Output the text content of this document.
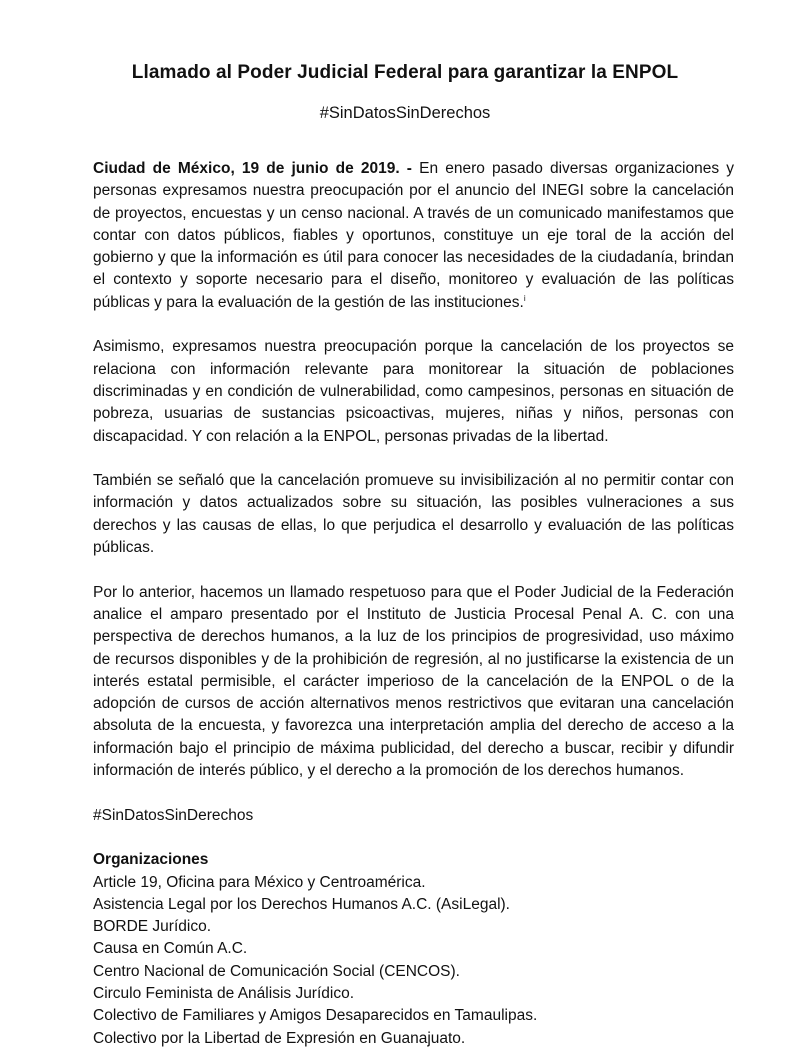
Llamado al Poder Judicial Federal para garantizar la ENPOL
#SinDatosSinDerechos

Ciudad de México, 19 de junio de 2019. - En enero pasado diversas organizaciones y personas expresamos nuestra preocupación por el anuncio del INEGI sobre la cancelación de proyectos, encuestas y un censo nacional. A través de un comunicado manifestamos que contar con datos públicos, fiables y oportunos, constituye un eje toral de la acción del gobierno y que la información es útil para conocer las necesidades de la ciudadanía, brindan el contexto y soporte necesario para el diseño, monitoreo y evaluación de las políticas públicas y para la evaluación de la gestión de las instituciones.$^i$

Asimismo, expresamos nuestra preocupación porque la cancelación de los proyectos se relaciona con información relevante para monitorear la situación de poblaciones discriminadas y en condición de vulnerabilidad, como campesinos, personas en situación de pobreza, usuarias de sustancias psicoactivas, mujeres, niñas y niños, personas con discapacidad. Y con relación a la ENPOL, personas privadas de la libertad.

También se señaló que la cancelación promueve su invisibilización al no permitir contar con información y datos actualizados sobre su situación, las posibles vulneraciones a sus derechos y las causas de ellas, lo que perjudica el desarrollo y evaluación de las políticas públicas.

Por lo anterior, hacemos un llamado respetuoso para que el Poder Judicial de la Federación analice el amparo presentado por el Instituto de Justicia Procesal Penal A. C. con una perspectiva de derechos humanos, a la luz de los principios de progresividad, uso máximo de recursos disponibles y de la prohibición de regresión, al no justificarse la existencia de un interés estatal permisible, el carácter imperioso de la cancelación de la ENPOL o de la adopción de cursos de acción alternativos menos restrictivos que evitaran una cancelación absoluta de la encuesta, y favorezca una interpretación amplia del derecho de acceso a la información bajo el principio de máxima publicidad, del derecho a buscar, recibir y difundir información de interés público, y el derecho a la promoción de los derechos humanos.

#SinDatosSinDerechos

Organizaciones

Article 19, Oficina para México y Centroamérica.
Asistencia Legal por los Derechos Humanos A.C. (AsiLegal).
BORDE Jurídico.
Causa en Común A.C.
Centro Nacional de Comunicación Social (CENCOS).
Circulo Feminista de Análisis Jurídico.
Colectivo de Familiares y Amigos Desaparecidos en Tamaulipas.
Colectivo por la Libertad de Expresión en Guanajuato.
